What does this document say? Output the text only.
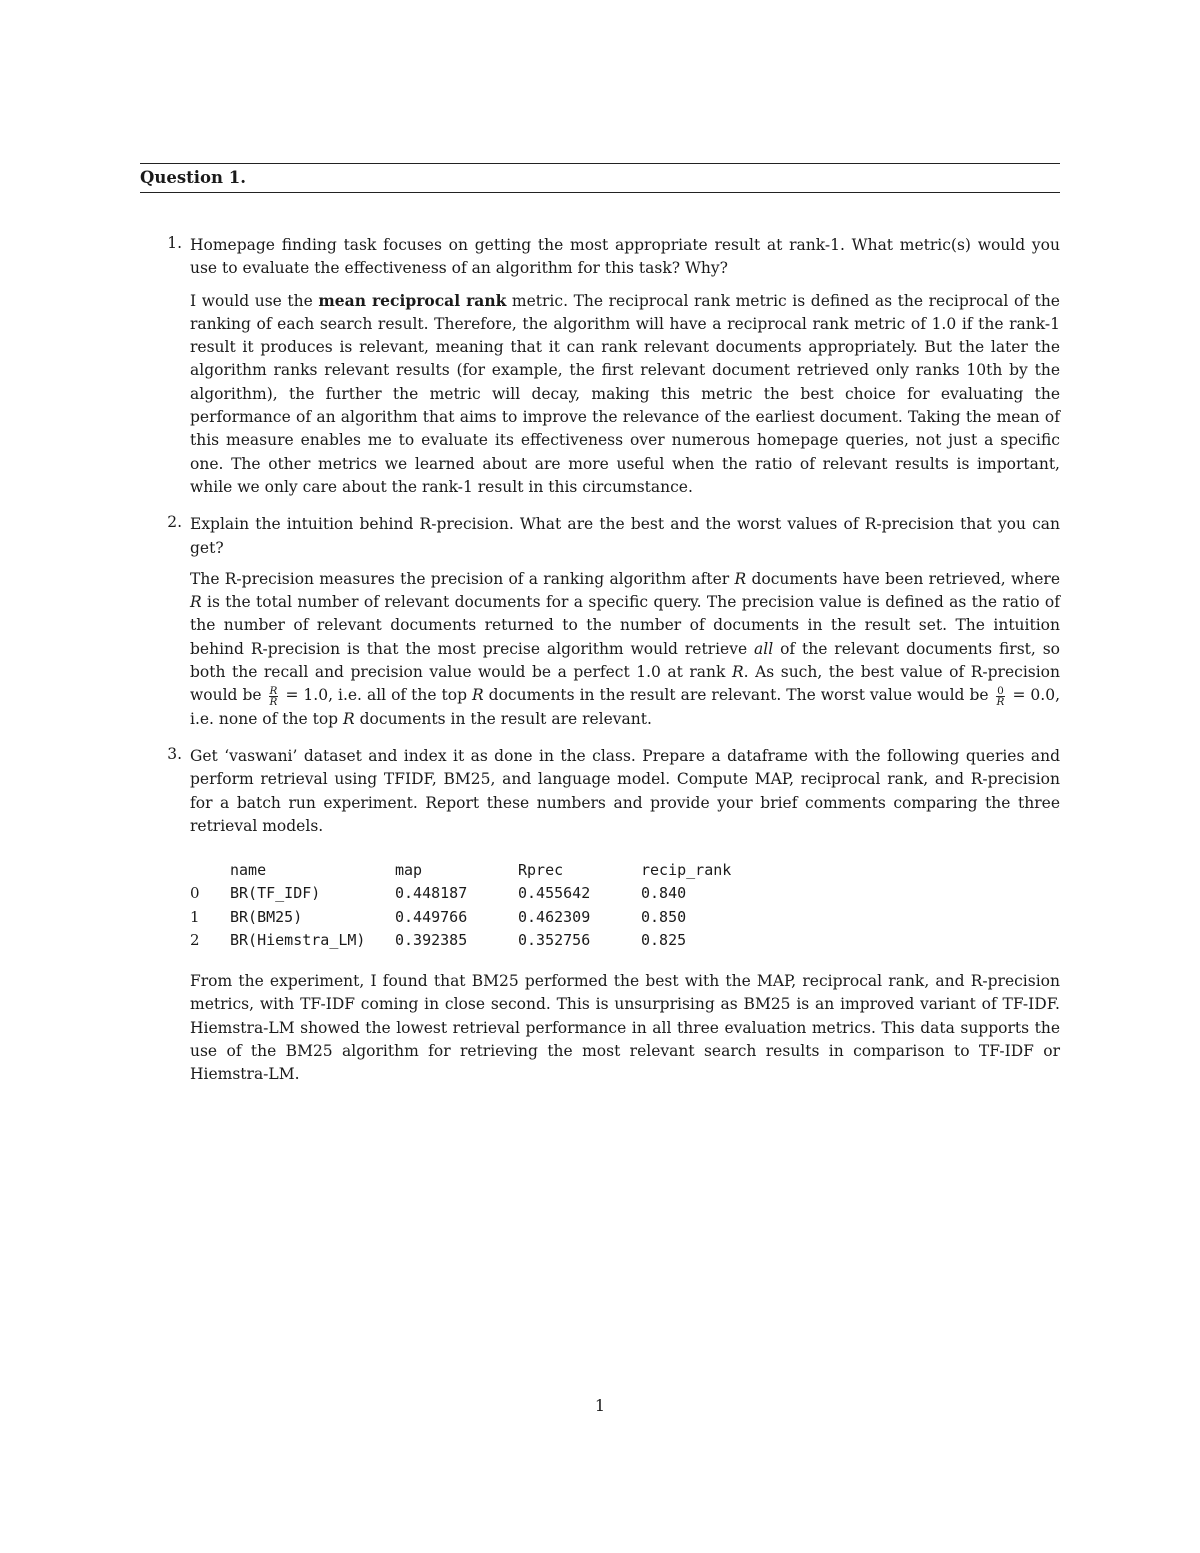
Question 1.
1. Homepage finding task focuses on getting the most appropriate result at rank-1. What metric(s) would you use to evaluate the effectiveness of an algorithm for this task? Why?

I would use the mean reciprocal rank metric. The reciprocal rank metric is defined as the reciprocal of the ranking of each search result. Therefore, the algorithm will have a reciprocal rank metric of 1.0 if the rank-1 result it produces is relevant, meaning that it can rank relevant documents appropriately. But the later the algorithm ranks relevant results (for example, the first relevant document retrieved only ranks 10th by the algorithm), the further the metric will decay, making this metric the best choice for evaluating the performance of an algorithm that aims to improve the relevance of the earliest document. Taking the mean of this measure enables me to evaluate its effectiveness over numerous homepage queries, not just a specific one. The other metrics we learned about are more useful when the ratio of relevant results is important, while we only care about the rank-1 result in this circumstance.

2. Explain the intuition behind R-precision. What are the best and the worst values of R-precision that you can get?

The R-precision measures the precision of a ranking algorithm after R documents have been retrieved, where R is the total number of relevant documents for a specific query. The precision value is defined as the ratio of the number of relevant documents returned to the number of documents in the result set. The intuition behind R-precision is that the most precise algorithm would retrieve all of the relevant documents first, so both the recall and precision value would be a perfect 1.0 at rank R. As such, the best value of R-precision would be $\frac{R}{R} = 1.0$, i.e. all of the top R documents in the result are relevant. The worst value would be $\frac{0}{R} = 0.0$, i.e. none of the top R documents in the result are relevant.

3. Get ‘vaswani’ dataset and index it as done in the class. Prepare a dataframe with the following queries and perform retrieval using TFIDF, BM25, and language model. Compute MAP, reciprocal rank, and R-precision for a batch run experiment. Report these numbers and provide your brief comments comparing the three retrieval models.

	name	map	Rprec	recip_rank
0	BR(TF_IDF)	0.448187	0.455642	0.840
1	BR(BM25)	0.449766	0.462309	0.850
2	BR(Hiemstra_LM)	0.392385	0.352756	0.825

From the experiment, I found that BM25 performed the best with the MAP, reciprocal rank, and R-precision metrics, with TF-IDF coming in close second. This is unsurprising as BM25 is an improved variant of TF-IDF. Hiemstra-LM showed the lowest retrieval performance in all three evaluation metrics. This data supports the use of the BM25 algorithm for retrieving the most relevant search results in comparison to TF-IDF or Hiemstra-LM.

1
